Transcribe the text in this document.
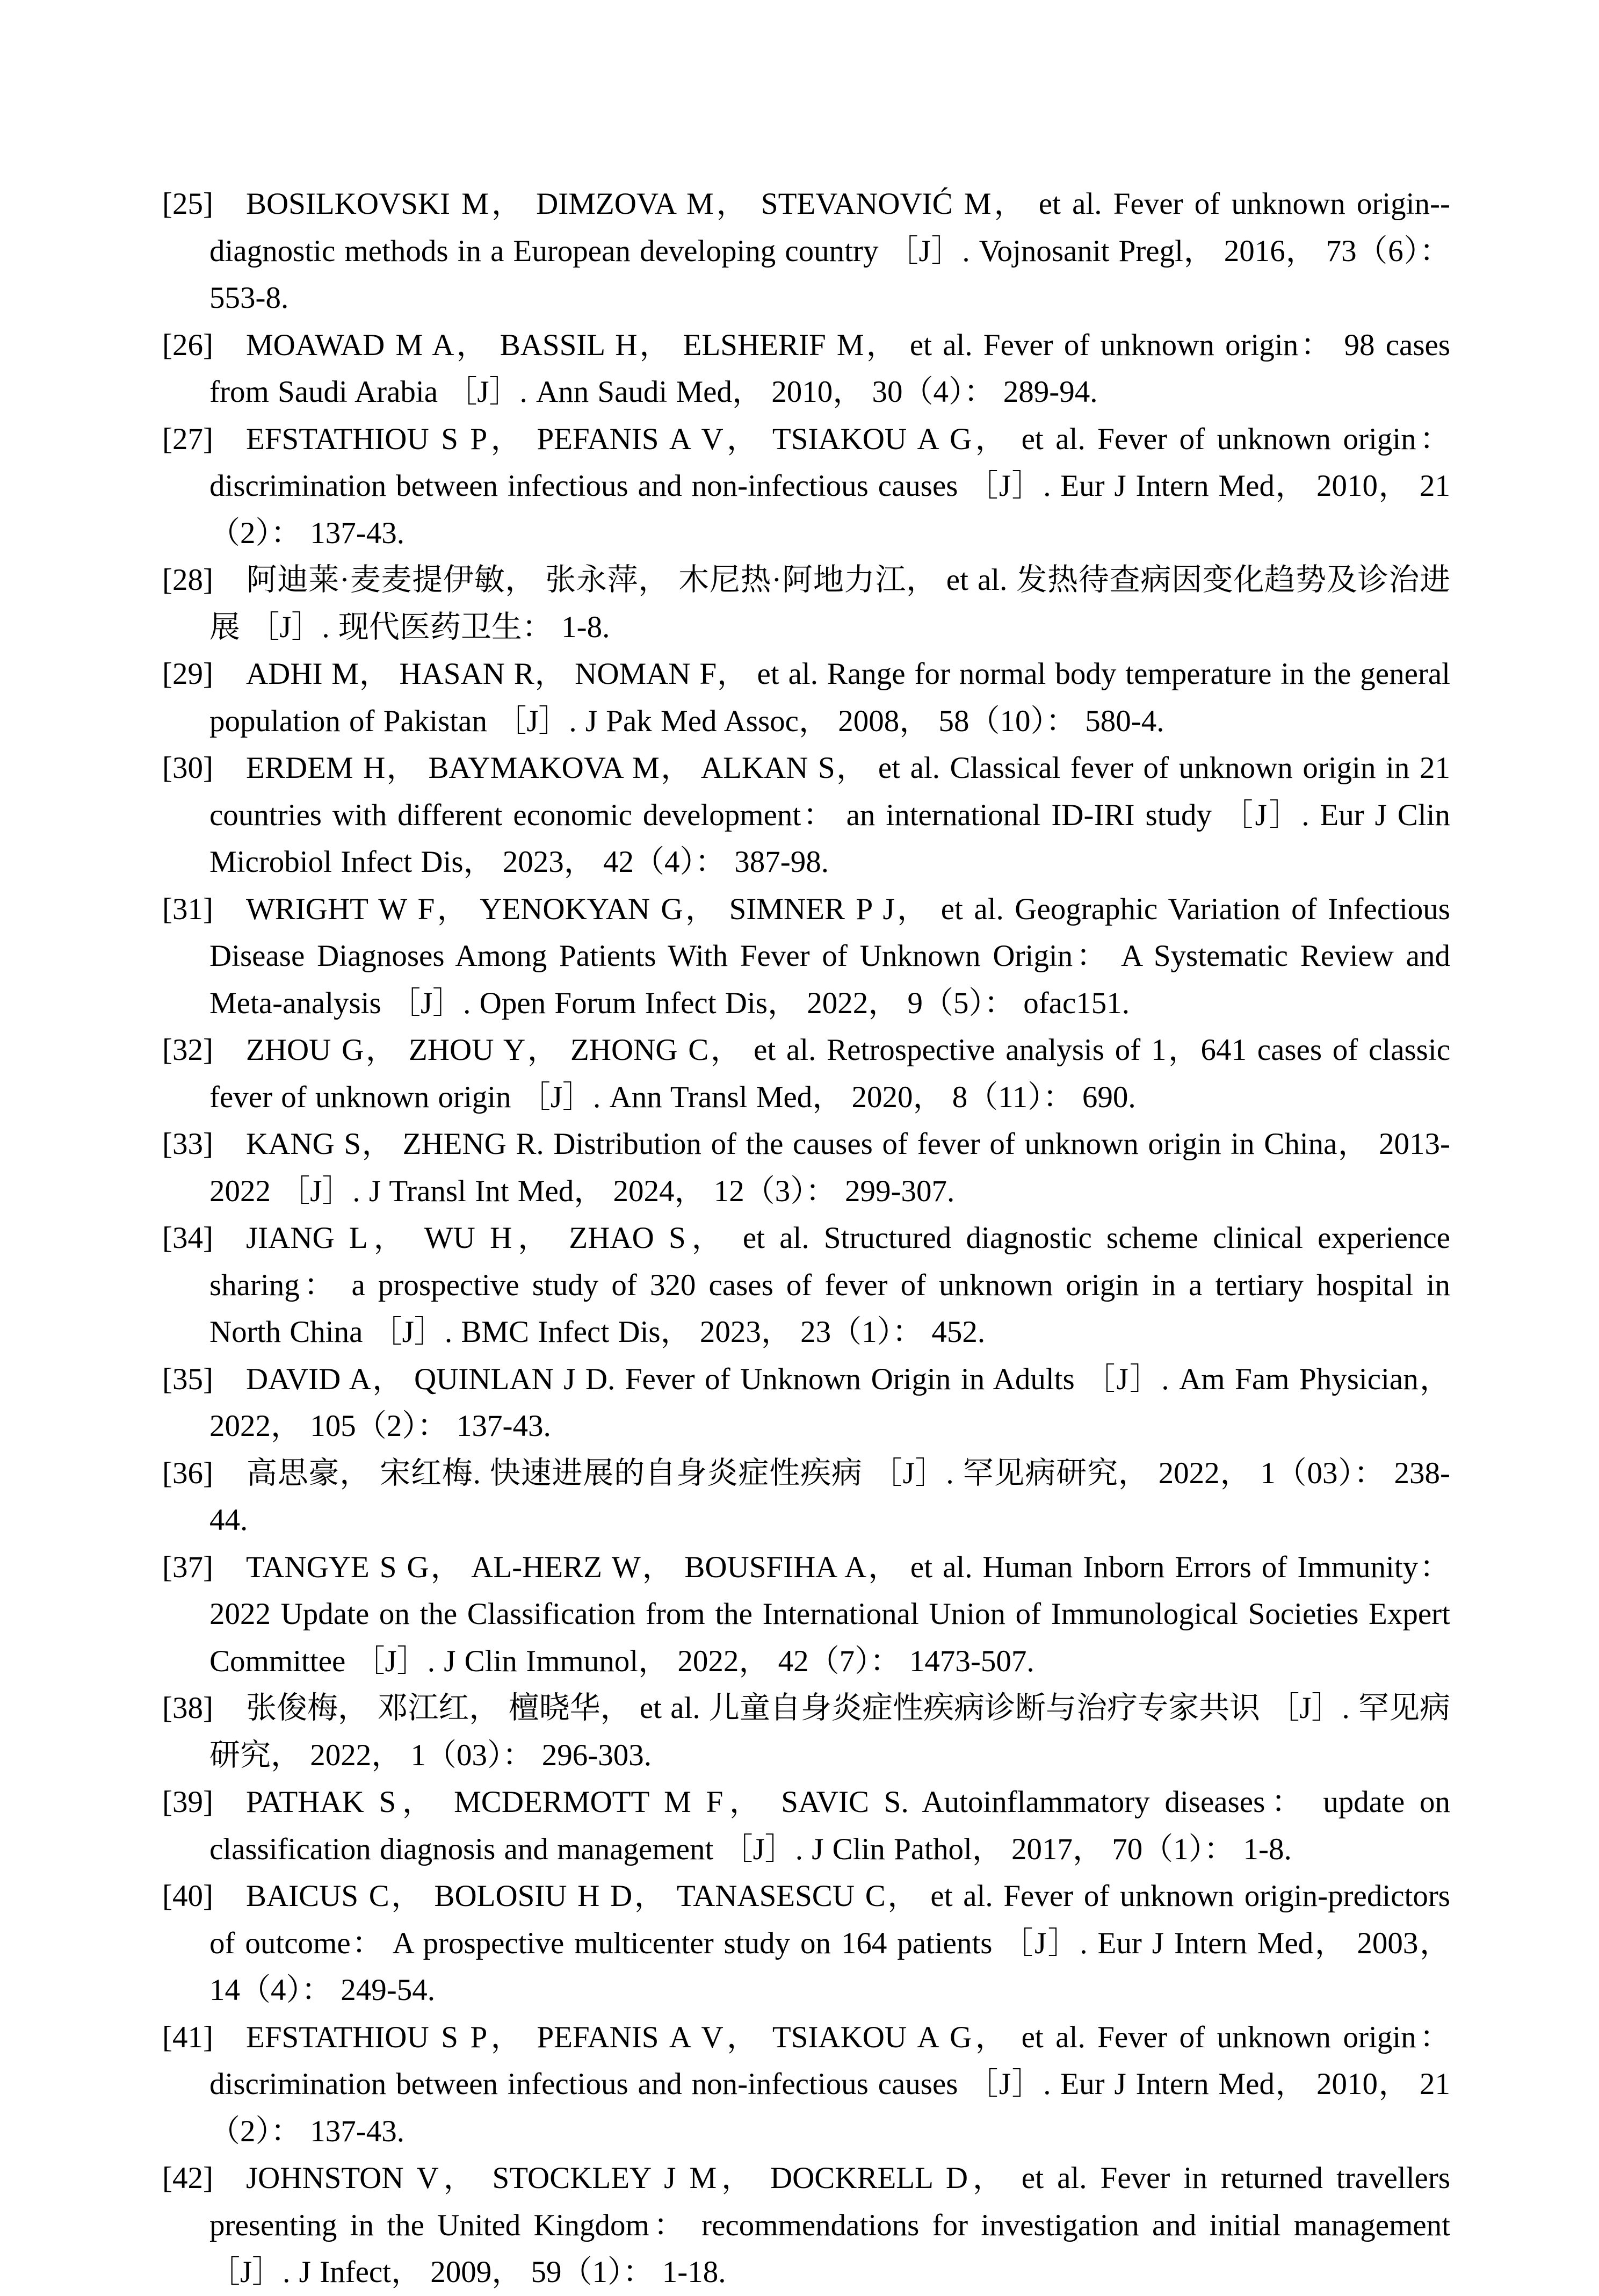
[25] BOSILKOVSKI M， DIMZOVA M， STEVANOVIĆ M， et al. Fever of unknown origin--diagnostic methods in a European developing country ［J］. Vojnosanit Pregl， 2016， 73（6）： 553-8.
[26] MOAWAD M A， BASSIL H， ELSHERIF M， et al. Fever of unknown origin： 98 cases from Saudi Arabia ［J］. Ann Saudi Med， 2010， 30（4）： 289-94.
[27] EFSTATHIOU S P， PEFANIS A V， TSIAKOU A G， et al. Fever of unknown origin： discrimination between infectious and non-infectious causes ［J］. Eur J Intern Med， 2010， 21（2）： 137-43.
[28] 阿迪莱·麦麦提伊敏， 张永萍， 木尼热·阿地力江， et al. 发热待查病因变化趋势及诊治进展 ［J］. 现代医药卫生： 1-8.
[29] ADHI M， HASAN R， NOMAN F， et al. Range for normal body temperature in the general population of Pakistan ［J］. J Pak Med Assoc， 2008， 58（10）： 580-4.
[30] ERDEM H， BAYMAKOVA M， ALKAN S， et al. Classical fever of unknown origin in 21 countries with different economic development： an international ID-IRI study ［J］. Eur J Clin Microbiol Infect Dis， 2023， 42（4）： 387-98.
[31] WRIGHT W F， YENOKYAN G， SIMNER P J， et al. Geographic Variation of Infectious Disease Diagnoses Among Patients With Fever of Unknown Origin： A Systematic Review and Meta-analysis ［J］. Open Forum Infect Dis， 2022， 9（5）： ofac151.
[32] ZHOU G， ZHOU Y， ZHONG C， et al. Retrospective analysis of 1，641 cases of classic fever of unknown origin ［J］. Ann Transl Med， 2020， 8（11）： 690.
[33] KANG S， ZHENG R. Distribution of the causes of fever of unknown origin in China， 2013-2022 ［J］. J Transl Int Med， 2024， 12（3）： 299-307.
[34] JIANG L， WU H， ZHAO S， et al. Structured diagnostic scheme clinical experience sharing： a prospective study of 320 cases of fever of unknown origin in a tertiary hospital in North China ［J］. BMC Infect Dis， 2023， 23（1）： 452.
[35] DAVID A， QUINLAN J D. Fever of Unknown Origin in Adults ［J］. Am Fam Physician， 2022， 105（2）： 137-43.
[36] 高思豪， 宋红梅. 快速进展的自身炎症性疾病 ［J］. 罕见病研究， 2022， 1（03）： 238-44.
[37] TANGYE S G， AL-HERZ W， BOUSFIHA A， et al. Human Inborn Errors of Immunity： 2022 Update on the Classification from the International Union of Immunological Societies Expert Committee ［J］. J Clin Immunol， 2022， 42（7）： 1473-507.
[38] 张俊梅， 邓江红， 檀晓华， et al. 儿童自身炎症性疾病诊断与治疗专家共识 ［J］. 罕见病研究， 2022， 1（03）： 296-303.
[39] PATHAK S， MCDERMOTT M F， SAVIC S. Autoinflammatory diseases： update on classification diagnosis and management ［J］. J Clin Pathol， 2017， 70（1）： 1-8.
[40] BAICUS C， BOLOSIU H D， TANASESCU C， et al. Fever of unknown origin-predictors of outcome： A prospective multicenter study on 164 patients ［J］. Eur J Intern Med， 2003， 14（4）： 249-54.
[41] EFSTATHIOU S P， PEFANIS A V， TSIAKOU A G， et al. Fever of unknown origin： discrimination between infectious and non-infectious causes ［J］. Eur J Intern Med， 2010， 21（2）： 137-43.
[42] JOHNSTON V， STOCKLEY J M， DOCKRELL D， et al. Fever in returned travellers presenting in the United Kingdom： recommendations for investigation and initial management ［J］. J Infect， 2009， 59（1）： 1-18.
